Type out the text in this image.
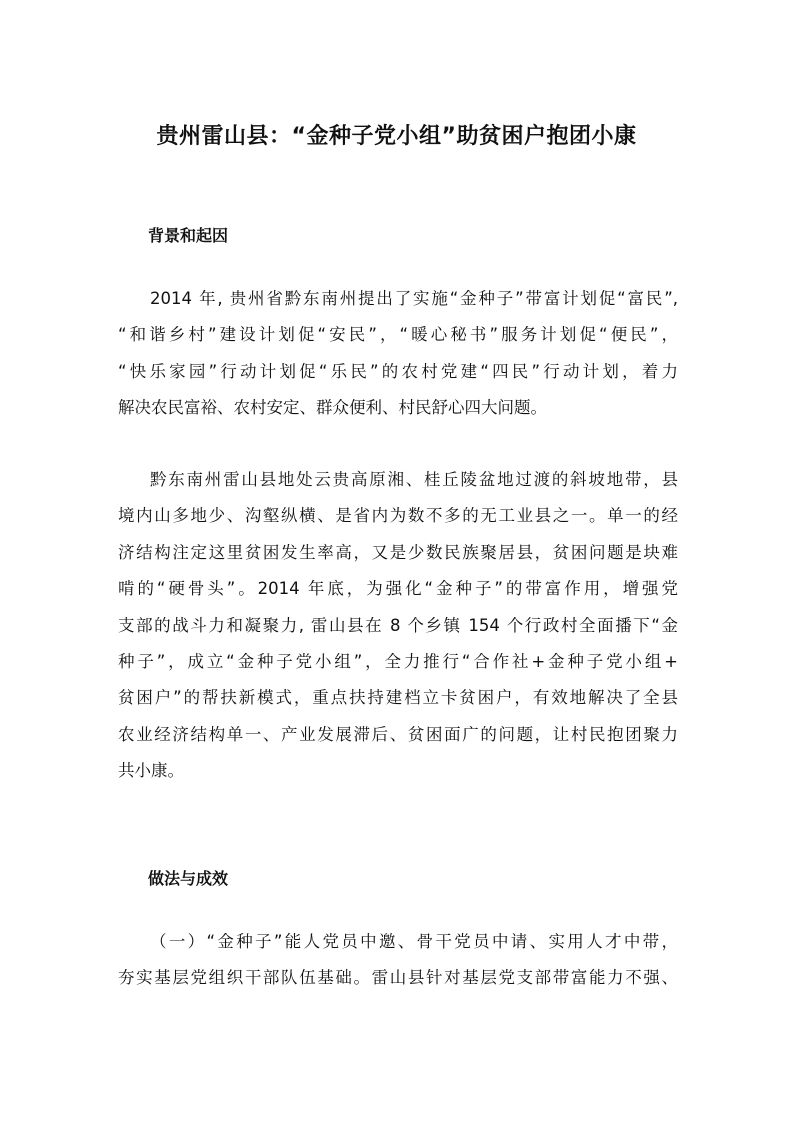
贵州雷山县：“金种子党小组”助贫困户抱团小康
背景和起因
2014 年, 贵州省黔东南州提出了实施“金种子”带富计划促“富民”,
“和谐乡村”建设计划促“安民”，“暖心秘书”服务计划促“便民”，
“快乐家园”行动计划促“乐民”的农村党建“四民”行动计划，着力
解决农民富裕、农村安定、群众便利、村民舒心四大问题。
黔东南州雷山县地处云贵高原湘、桂丘陵盆地过渡的斜坡地带，县
境内山多地少、沟壑纵横、是省内为数不多的无工业县之一。单一的经
济结构注定这里贫困发生率高，又是少数民族聚居县，贫困问题是块难
啃的“硬骨头”。2014 年底，为强化“金种子”的带富作用，增强党
支部的战斗力和凝聚力, 雷山县在 8 个乡镇 154 个行政村全面播下“金
种子”，成立“金种子党小组”，全力推行“合作社+金种子党小组+
贫困户”的帮扶新模式，重点扶持建档立卡贫困户，有效地解决了全县
农业经济结构单一、产业发展滞后、贫困面广的问题，让村民抱团聚力
共小康。
做法与成效
（一）“金种子”能人党员中邀、骨干党员中请、实用人才中带，
夯实基层党组织干部队伍基础。雷山县针对基层党支部带富能力不强、
